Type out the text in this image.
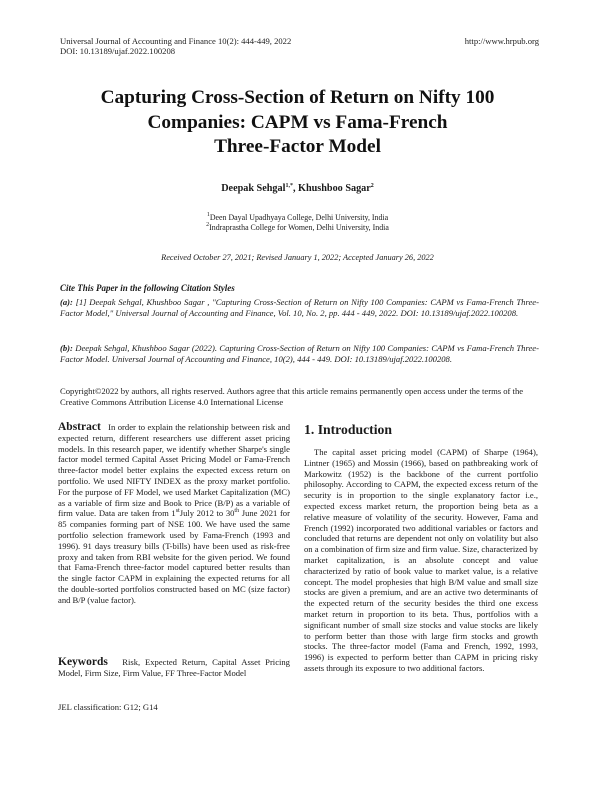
Universal Journal of Accounting and Finance 10(2): 444-449, 2022
DOI: 10.13189/ujaf.2022.100208
http://www.hrpub.org
Capturing Cross-Section of Return on Nifty 100
Companies: CAPM vs Fama-French
Three-Factor Model
Deepak Sehgal$^{1,*}$, Khushboo Sagar$^2$
$^1$Deen Dayal Upadhyaya College, Delhi University, India
$^2$Indraprastha College for Women, Delhi University, India
Received October 27, 2021; Revised January 1, 2022; Accepted January 26, 2022
Cite This Paper in the following Citation Styles
(a): [1] Deepak Sehgal, Khushboo Sagar , "Capturing Cross-Section of Return on Nifty 100 Companies: CAPM vs Fama-French Three-Factor Model," Universal Journal of Accounting and Finance, Vol. 10, No. 2, pp. 444 - 449, 2022. DOI: 10.13189/ujaf.2022.100208.
(b): Deepak Sehgal, Khushboo Sagar (2022). Capturing Cross-Section of Return on Nifty 100 Companies: CAPM vs Fama-French Three-Factor Model. Universal Journal of Accounting and Finance, 10(2), 444 - 449. DOI: 10.13189/ujaf.2022.100208.
Copyright©2022 by authors, all rights reserved. Authors agree that this article remains permanently open access under the terms of the Creative Commons Attribution License 4.0 International License
Abstract In order to explain the relationship between risk and expected return, different researchers use different asset pricing models. In this research paper, we identify whether Sharpe's single factor model termed Capital Asset Pricing Model or Fama-French three-factor model better explains the expected excess return on portfolio. We used NIFTY INDEX as the proxy market portfolio. For the purpose of FF Model, we used Market Capitalization (MC) as a variable of firm size and Book to Price (B/P) as a variable of firm value. Data are taken from 1stJuly 2012 to 30th June 2021 for 85 companies forming part of NSE 100. We have used the same portfolio selection framework used by Fama-French (1993 and 1996). 91 days treasury bills (T-bills) have been used as risk-free proxy and taken from RBI website for the given period. We found that Fama-French three-factor model captured better results than the single factor CAPM in explaining the expected returns for all the double-sorted portfolios constructed based on MC (size factor) and B/P (value factor).
Keywords Risk, Expected Return, Capital Asset Pricing Model, Firm Size, Firm Value, FF Three-Factor Model
JEL classification: G12; G14
1. Introduction

The capital asset pricing model (CAPM) of Sharpe (1964), Lintner (1965) and Mossin (1966), based on pathbreaking work of Markowitz (1952) is the backbone of the current portfolio philosophy. According to CAPM, the expected excess return of the security is in proportion to the single explanatory factor i.e., expected excess market return, the proportion being beta as a relative measure of volatility of the security. However, Fama and French (1992) incorporated two additional variables or factors and concluded that returns are dependent not only on volatility but also on a combination of firm size and firm value. Size, characterized by market capitalization, is an absolute concept and value characterized by ratio of book value to market value, is a relative concept. The model prophesies that high B/M value and small size stocks are given a premium, and are an active two determinants of the expected return of the security besides the third one excess market return in proportion to its beta. Thus, portfolios with a significant number of small size stocks and value stocks are likely to perform better than those with large firm stocks and growth stocks. The three-factor model (Fama and French, 1992, 1993, 1996) is expected to perform better than CAPM in pricing risky assets through its exposure to two additional factors.
